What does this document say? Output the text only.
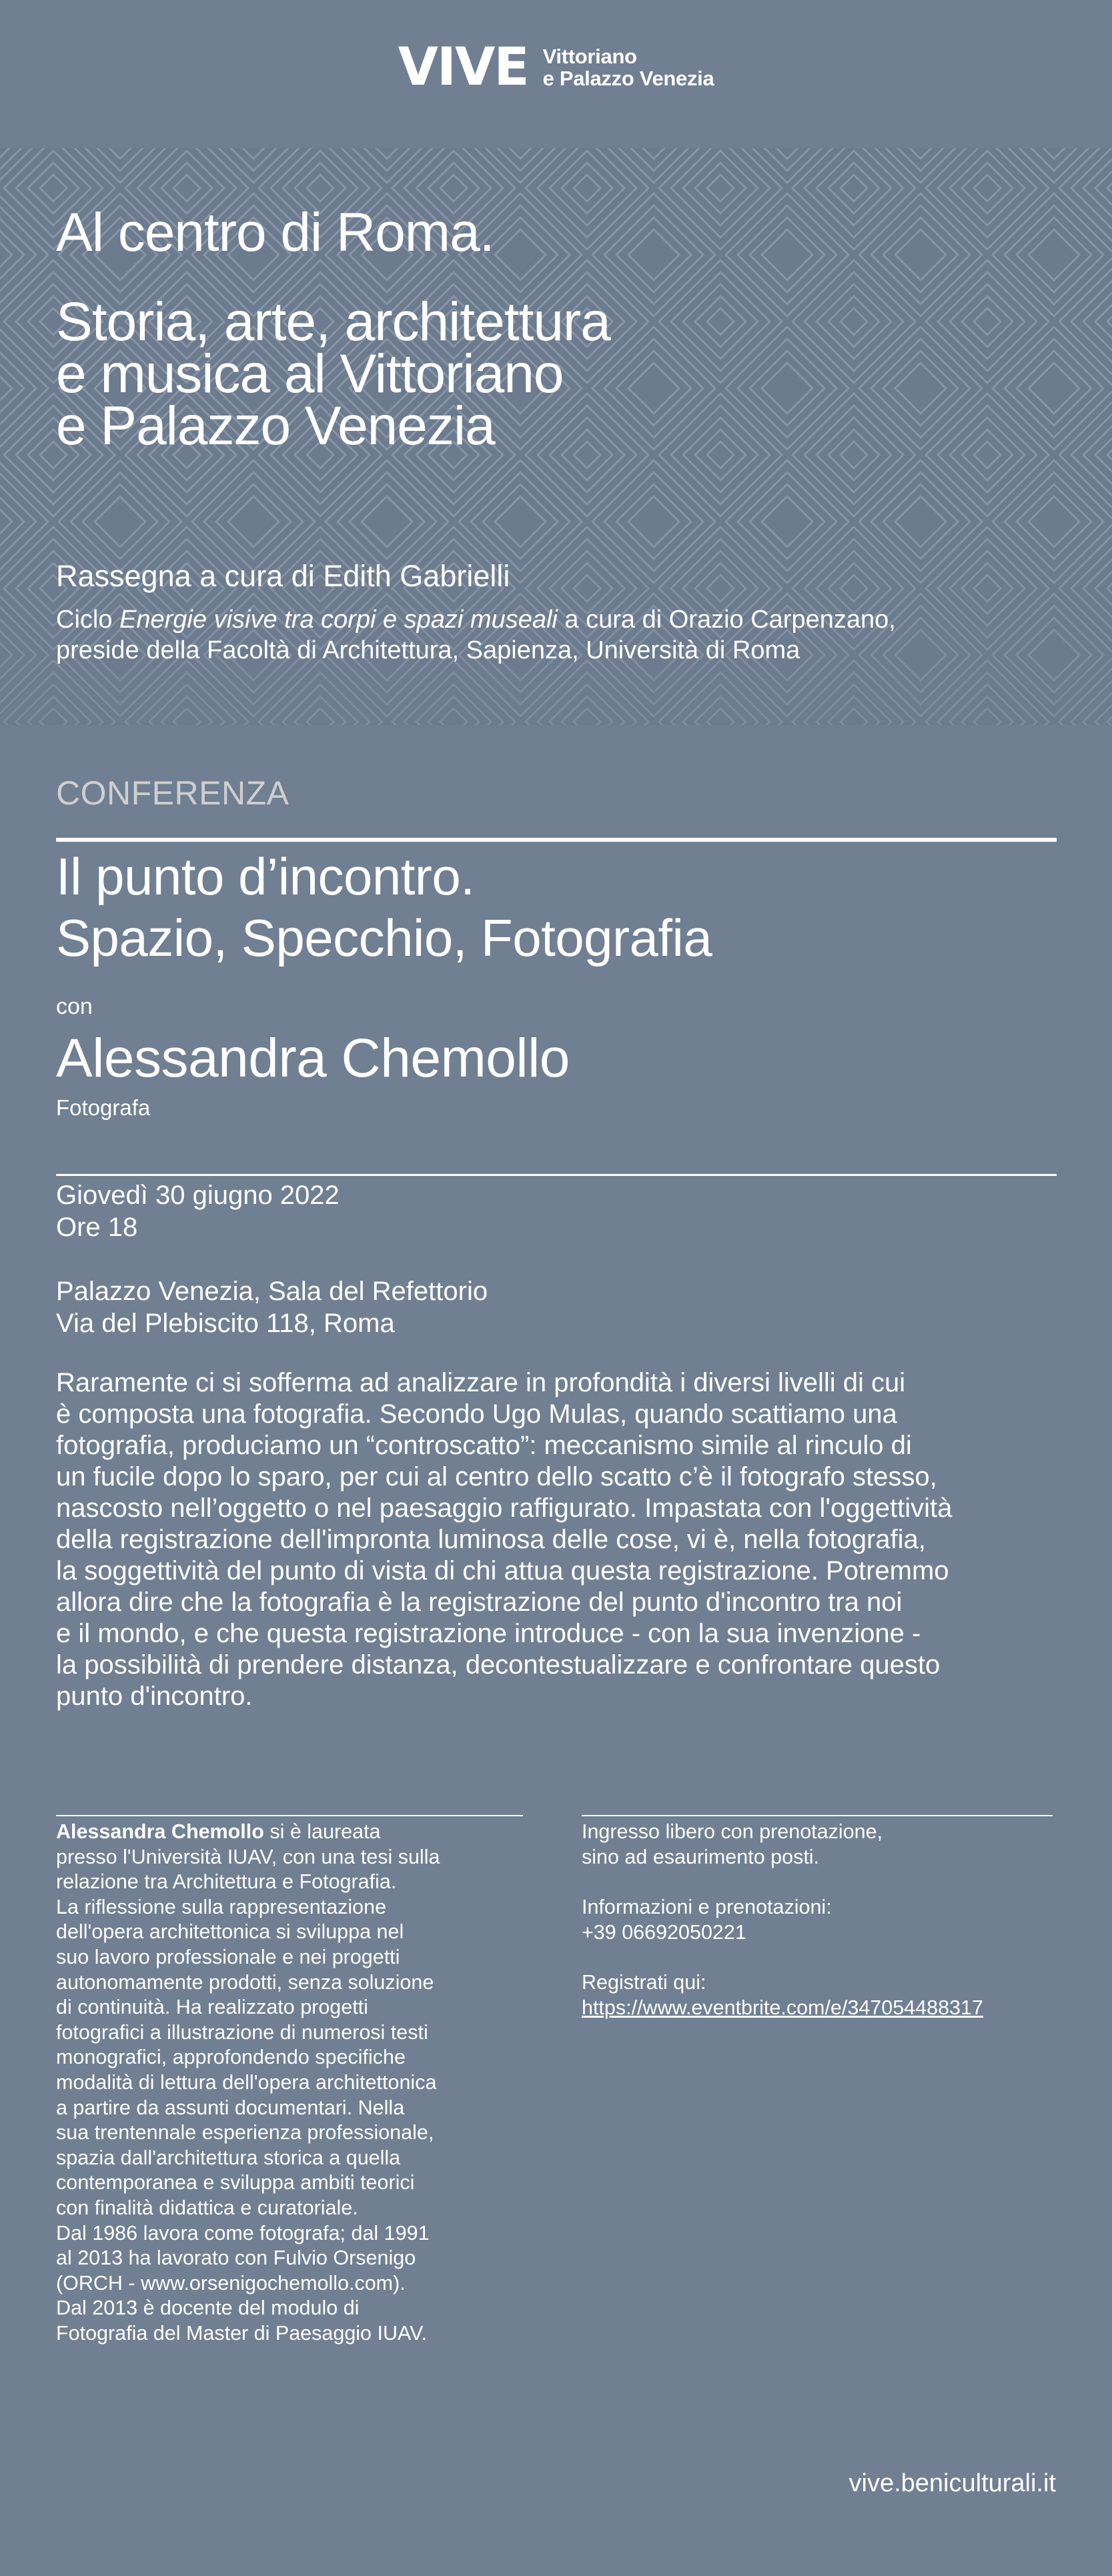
VIVE Vittoriano
e Palazzo Venezia
Al centro di Roma.
Storia, arte, architettura
e musica al Vittoriano
e Palazzo Venezia
Rassegna a cura di Edith Gabrielli
Ciclo Energie visive tra corpi e spazi museali a cura di Orazio Carpenzano,
preside della Facoltà di Architettura, Sapienza, Università di Roma
CONFERENZA
Il punto d’incontro.
Spazio, Specchio, Fotografia
con
Alessandra Chemollo
Fotografa
Giovedì 30 giugno 2022
Ore 18
Palazzo Venezia, Sala del Refettorio
Via del Plebiscito 118, Roma
Raramente ci si sofferma ad analizzare in profondità i diversi livelli di cui
è composta una fotografia. Secondo Ugo Mulas, quando scattiamo una
fotografia, produciamo un “controscatto”: meccanismo simile al rinculo di
un fucile dopo lo sparo, per cui al centro dello scatto c’è il fotografo stesso,
nascosto nell’oggetto o nel paesaggio raffigurato. Impastata con l'oggettività
della registrazione dell'impronta luminosa delle cose, vi è, nella fotografia,
la soggettività del punto di vista di chi attua questa registrazione. Potremmo
allora dire che la fotografia è la registrazione del punto d'incontro tra noi
e il mondo, e che questa registrazione introduce - con la sua invenzione -
la possibilità di prendere distanza, decontestualizzare e confrontare questo
punto d'incontro.
Alessandra Chemollo si è laureata
presso l'Università IUAV, con una tesi sulla
relazione tra Architettura e Fotografia.
La riflessione sulla rappresentazione
dell'opera architettonica si sviluppa nel
suo lavoro professionale e nei progetti
autonomamente prodotti, senza soluzione
di continuità. Ha realizzato progetti
fotografici a illustrazione di numerosi testi
monografici, approfondendo specifiche
modalità di lettura dell'opera architettonica
a partire da assunti documentari. Nella
sua trentennale esperienza professionale,
spazia dall'architettura storica a quella
contemporanea e sviluppa ambiti teorici
con finalità didattica e curatoriale.
Dal 1986 lavora come fotografa; dal 1991
al 2013 ha lavorato con Fulvio Orsenigo
(ORCH - www.orsenigochemollo.com).
Dal 2013 è docente del modulo di
Fotografia del Master di Paesaggio IUAV.

Ingresso libero con prenotazione,
sino ad esaurimento posti.

Informazioni e prenotazioni:
+39 06692050221

Registrati qui:
https://www.eventbrite.com/e/347054488317

vive.beniculturali.it
